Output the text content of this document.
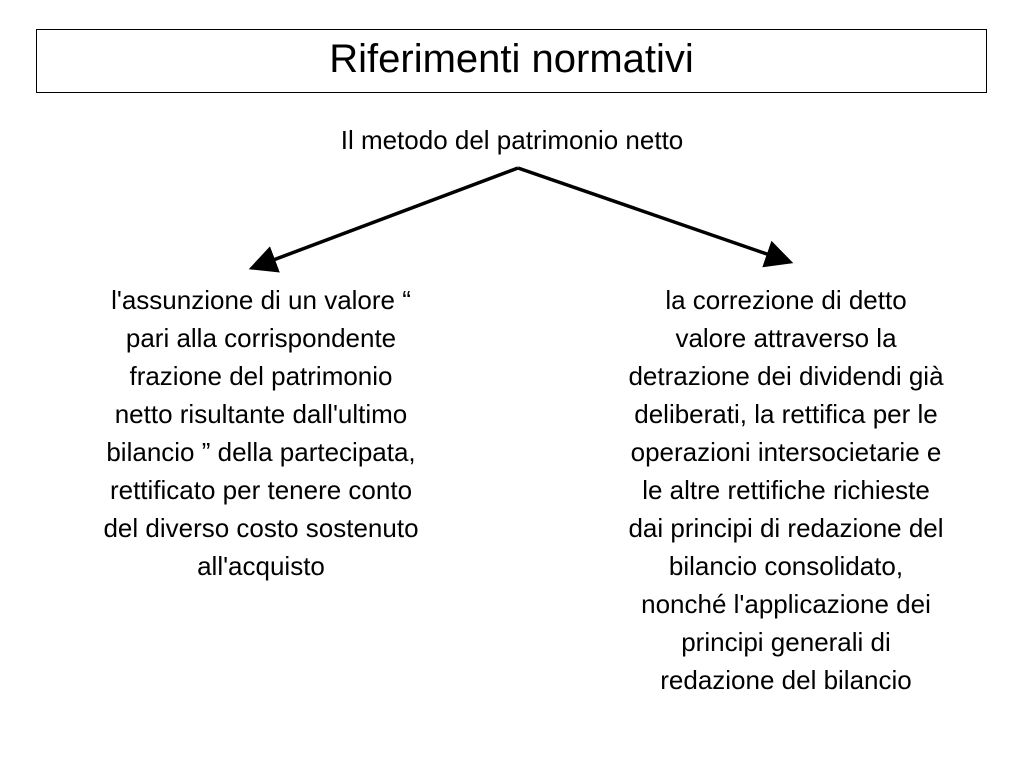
Riferimenti normativi
Il metodo del patrimonio netto
l'assunzione di un valore “
pari alla corrispondente
frazione del patrimonio
netto risultante dall'ultimo
bilancio ” della partecipata,
rettificato per tenere conto
del diverso costo sostenuto
all'acquisto
la correzione di detto
valore attraverso la
detrazione dei dividendi già
deliberati, la rettifica per le
operazioni intersocietarie e
le altre rettifiche richieste
dai principi di redazione del
bilancio consolidato,
nonché l'applicazione dei
principi generali di
redazione del bilancio
